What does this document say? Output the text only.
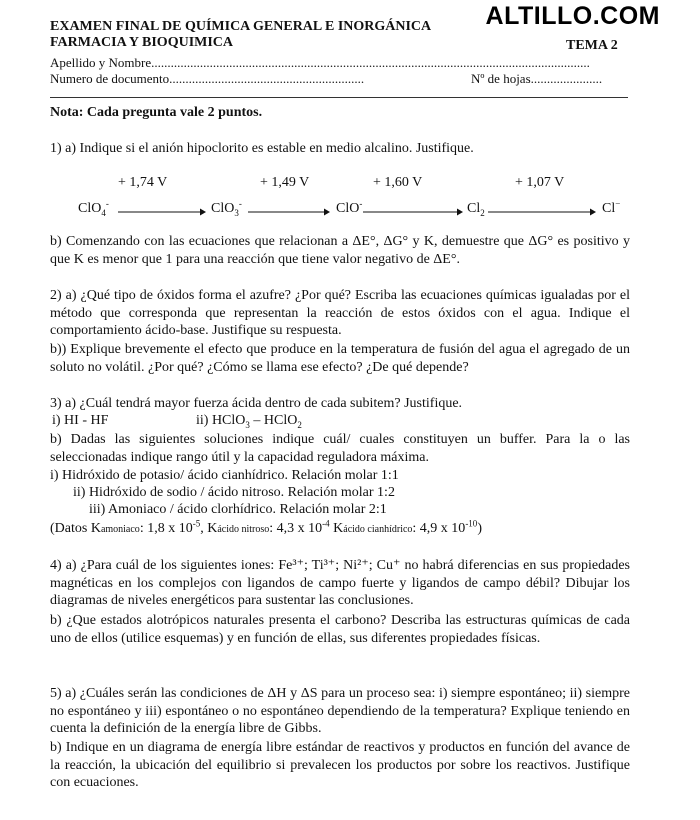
ALTILLO.COM
EXAMEN FINAL DE QUÍMICA GENERAL E INORGÁNICA
FARMACIA Y BIOQUIMICA	TEMA 2
Apellido y Nombre.......................................................................................................................................
Numero de documento............................................................	Nº de hojas......................
Nota: Cada pregunta vale 2 puntos.
1) a) Indique si el anión hipoclorito es estable en medio alcalino. Justifique.
+ 1,74 V	+ 1,49 V	+ 1,60 V	+ 1,07 V
ClO$_4$-	ClO$_3$-	ClO-	$Cl_2$	Cl−
b) Comenzando con las ecuaciones que relacionan a ΔE°, ΔG° y K, demuestre que ΔG° es positivo y que K es menor que 1 para una reacción que tiene valor negativo de ΔE°.
2) a) ¿Qué tipo de óxidos forma el azufre? ¿Por qué? Escriba las ecuaciones químicas igualadas por el método que corresponda que representan la reacción de estos óxidos con el agua. Indique el comportamiento ácido-base. Justifique su respuesta.
b)) Explique brevemente el efecto que produce en la temperatura de fusión del agua el agregado de un soluto no volátil. ¿Por qué? ¿Cómo se llama ese efecto? ¿De qué depende?
3) a) ¿Cuál tendrá mayor fuerza ácida dentro de cada subitem? Justifique.
i) HI - HF	ii) HClO$_3$ – HClO$_2$
b) Dadas las siguientes soluciones indique cuál/ cuales constituyen un buffer. Para la o las seleccionadas indique rango útil y la capacidad reguladora máxima.
i) Hidróxido de potasio/ ácido cianhídrico. Relación molar 1:1
ii) Hidróxido de sodio / ácido nitroso. Relación molar 1:2
iii) Amoniaco / ácido clorhídrico. Relación molar 2:1
(Datos Kamoniaco: 1,8 x $10^{-5}$, Kácido nitroso: 4,3 x $10^{-4}$ Kácido cianhídrico: 4,9 x $10^{-10}$)
4) a) ¿Para cuál de los siguientes iones: Fe³⁺; Ti³⁺; Ni²⁺; Cu⁺ no habrá diferencias en sus propiedades magnéticas en los complejos con ligandos de campo fuerte y ligandos de campo débil? Dibujar los diagramas de niveles energéticos para sustentar las conclusiones.
b) ¿Que estados alotrópicos naturales presenta el carbono? Describa las estructuras químicas de cada uno de ellos (utilice esquemas) y en función de ellas, sus diferentes propiedades físicas.
5) a) ¿Cuáles serán las condiciones de ΔH y ΔS para un proceso sea: i) siempre espontáneo; ii) siempre no espontáneo y iii) espontáneo o no espontáneo dependiendo de la temperatura? Explique teniendo en cuenta la definición de la energía libre de Gibbs.
b) Indique en un diagrama de energía libre estándar de reactivos y productos en función del avance de la reacción, la ubicación del equilibrio si prevalecen los productos por sobre los reactivos. Justifique con ecuaciones.
